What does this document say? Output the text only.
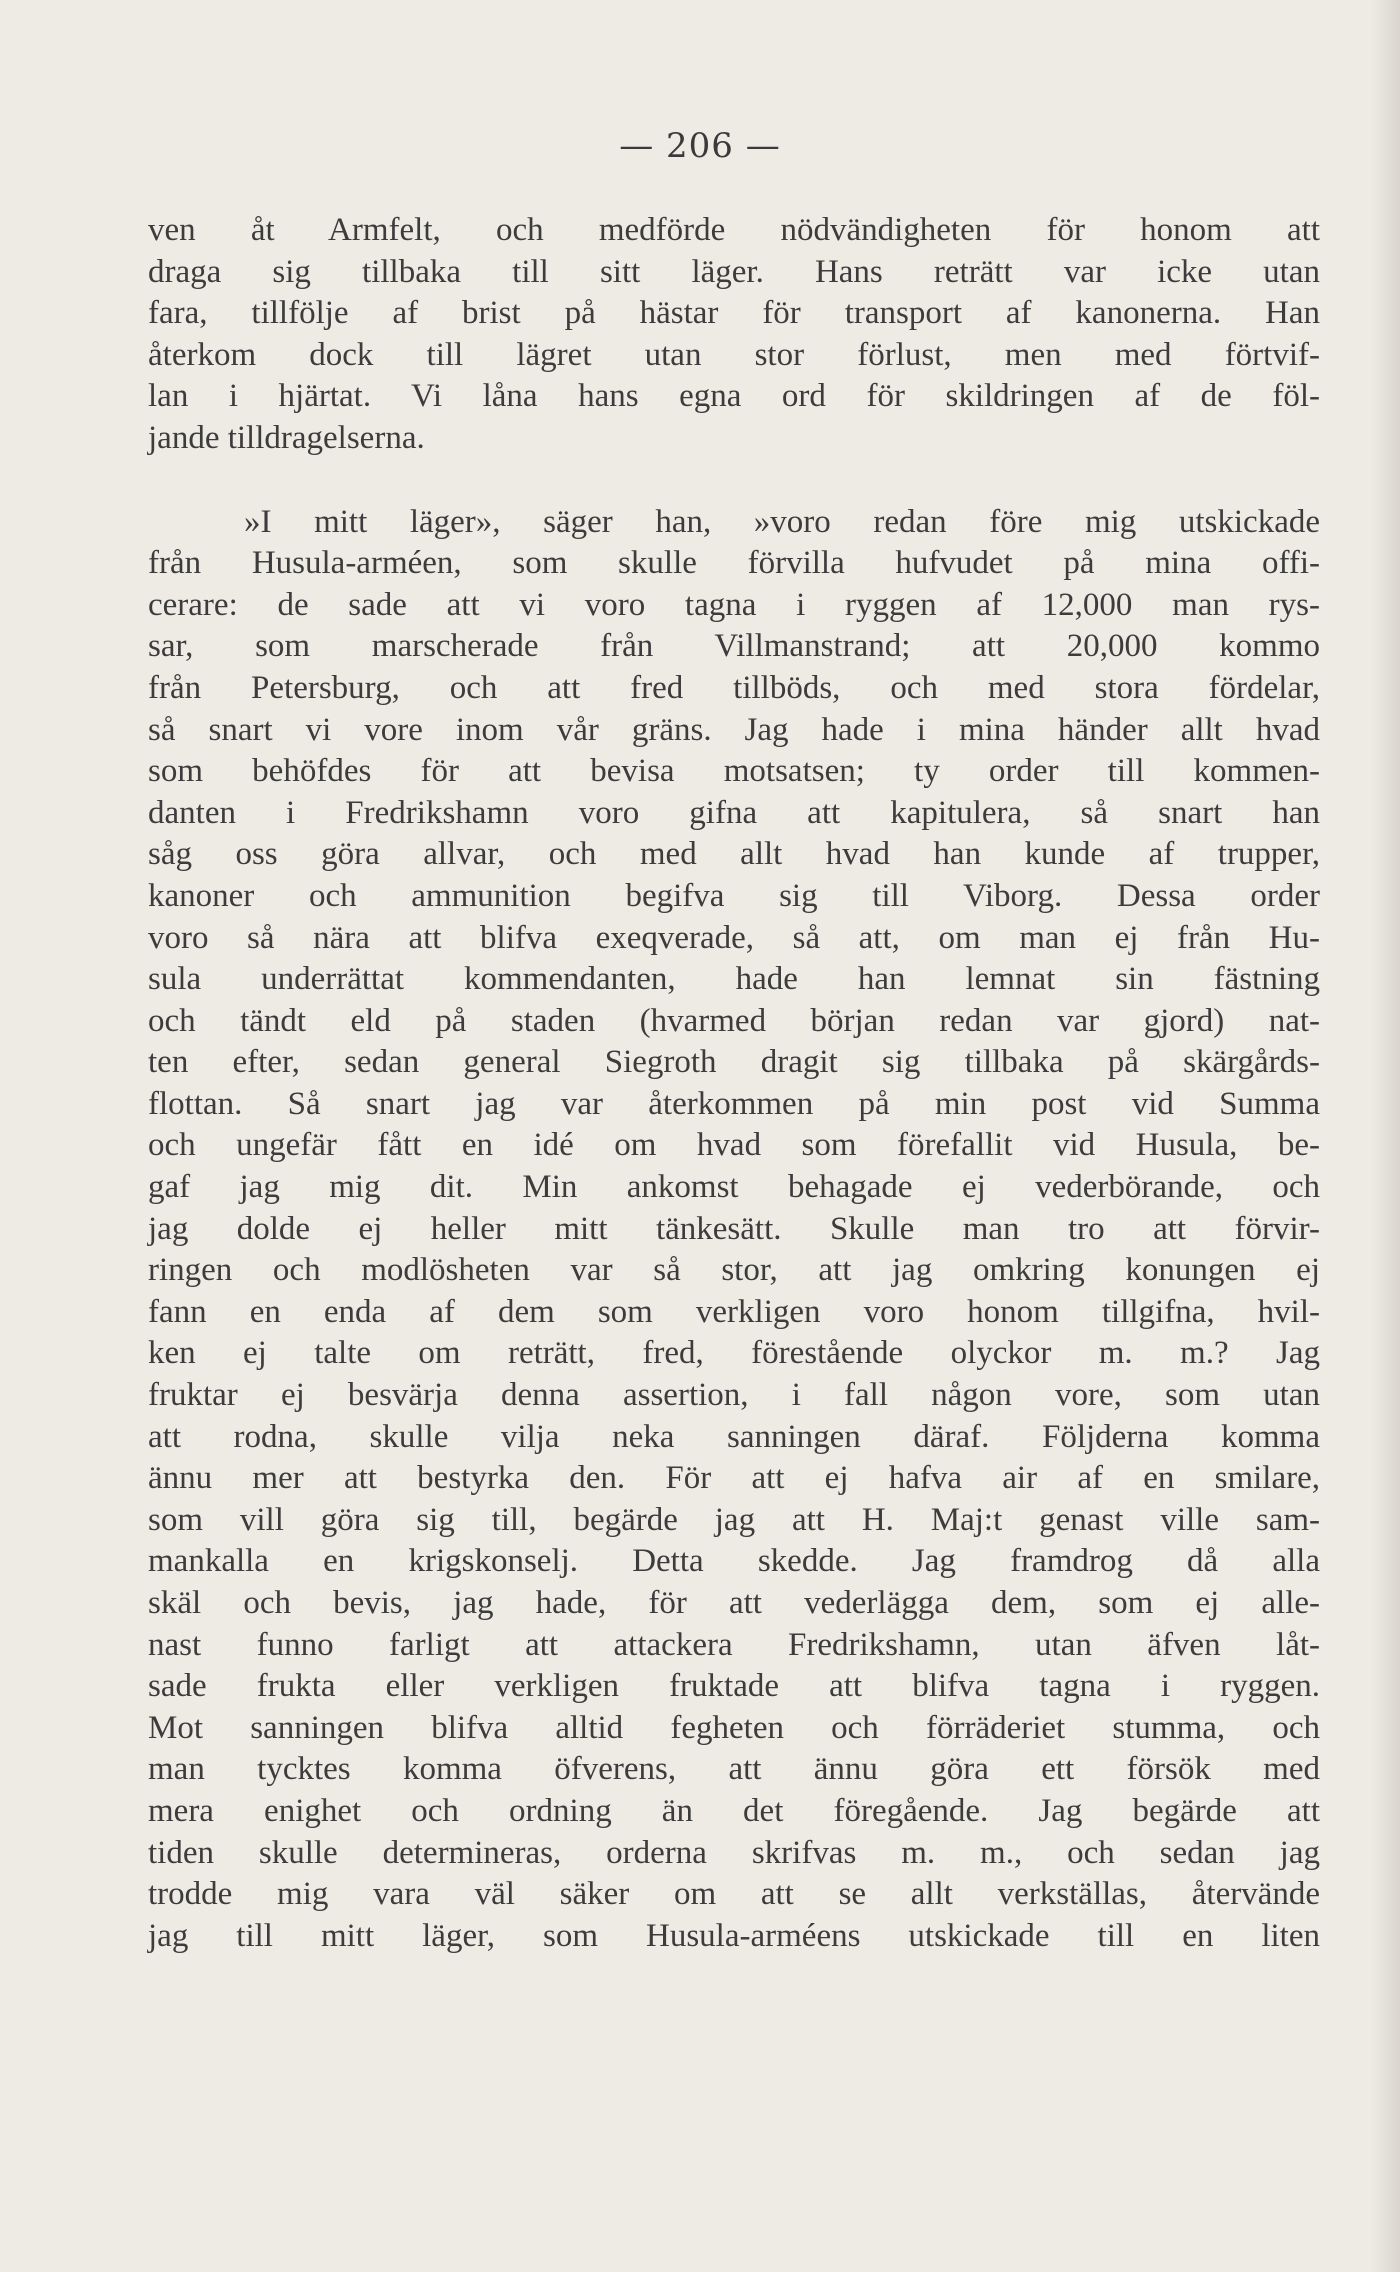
— 206 —
ven åt Armfelt, och medförde nödvändigheten för honom att
draga sig tillbaka till sitt läger. Hans reträtt var icke utan
fara, tillfölje af brist på hästar för transport af kanonerna. Han
återkom dock till lägret utan stor förlust, men med förtvif-
lan i hjärtat. Vi låna hans egna ord för skildringen af de föl-
jande tilldragelserna.
»I mitt läger», säger han, »voro redan före mig utskickade
från Husula-arméen, som skulle förvilla hufvudet på mina offi-
cerare: de sade att vi voro tagna i ryggen af 12,000 man rys-
sar, som marscherade från Villmanstrand; att 20,000 kommo
från Petersburg, och att fred tillböds, och med stora fördelar,
så snart vi vore inom vår gräns. Jag hade i mina händer allt hvad
som behöfdes för att bevisa motsatsen; ty order till kommen-
danten i Fredrikshamn voro gifna att kapitulera, så snart han
såg oss göra allvar, och med allt hvad han kunde af trupper,
kanoner och ammunition begifva sig till Viborg. Dessa order
voro så nära att blifva exeqverade, så att, om man ej från Hu-
sula underrättat kommendanten, hade han lemnat sin fästning
och tändt eld på staden (hvarmed början redan var gjord) nat-
ten efter, sedan general Siegroth dragit sig tillbaka på skärgårds-
flottan. Så snart jag var återkommen på min post vid Summa
och ungefär fått en idé om hvad som förefallit vid Husula, be-
gaf jag mig dit. Min ankomst behagade ej vederbörande, och
jag dolde ej heller mitt tänkesätt. Skulle man tro att förvir-
ringen och modlösheten var så stor, att jag omkring konungen ej
fann en enda af dem som verkligen voro honom tillgifna, hvil-
ken ej talte om reträtt, fred, förestående olyckor m. m.? Jag
fruktar ej besvärja denna assertion, i fall någon vore, som utan
att rodna, skulle vilja neka sanningen däraf. Följderna komma
ännu mer att bestyrka den. För att ej hafva air af en smilare,
som vill göra sig till, begärde jag att H. Maj:t genast ville sam-
mankalla en krigskonselj. Detta skedde. Jag framdrog då alla
skäl och bevis, jag hade, för att vederlägga dem, som ej alle-
nast funno farligt att attackera Fredrikshamn, utan äfven låt-
sade frukta eller verkligen fruktade att blifva tagna i ryggen.
Mot sanningen blifva alltid fegheten och förräderiet stumma, och
man tycktes komma öfverens, att ännu göra ett försök med
mera enighet och ordning än det föregående. Jag begärde att
tiden skulle determineras, orderna skrifvas m. m., och sedan jag
trodde mig vara väl säker om att se allt verkställas, återvände
jag till mitt läger, som Husula-arméens utskickade till en liten
